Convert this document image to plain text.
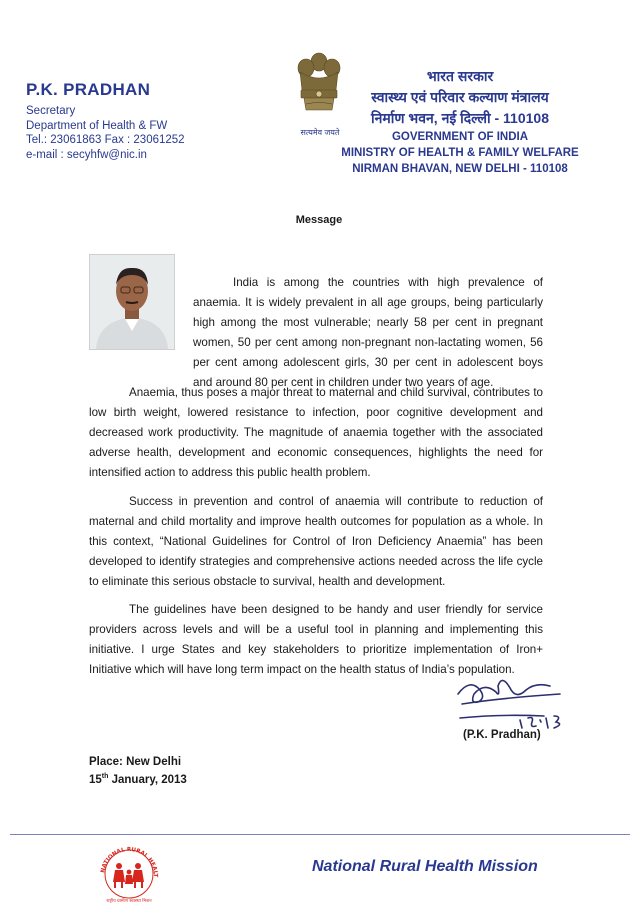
P.K. PRADHAN
Secretary
Department of Health & FW
Tel.: 23061863 Fax : 23061252
e-mail : secyhfw@nic.in
सत्यमेव जयते
भारत सरकार
स्वास्थ्य एवं परिवार कल्याण मंत्रालय
निर्माण भवन, नई दिल्ली - 110108
GOVERNMENT OF INDIA
MINISTRY OF HEALTH & FAMILY WELFARE
NIRMAN BHAVAN, NEW DELHI - 110108
Message
India is among the countries with high prevalence of anaemia. It is widely prevalent in all age groups, being particularly high among the most vulnerable; nearly 58 per cent in pregnant women, 50 per cent among non-pregnant non-lactating women, 56 per cent among adolescent girls, 30 per cent in adolescent boys and around 80 per cent in children under two years of age.
Anaemia, thus poses a major threat to maternal and child survival, contributes to low birth weight, lowered resistance to infection, poor cognitive development and decreased work productivity. The magnitude of anaemia together with the associated adverse health, development and economic consequences, highlights the need for intensified action to address this public health problem.
Success in prevention and control of anaemia will contribute to reduction of maternal and child mortality and improve health outcomes for population as a whole. In this context, “National Guidelines for Control of Iron Deficiency Anaemia” has been developed to identify strategies and comprehensive actions needed across the life cycle to eliminate this serious obstacle to survival, health and development.
The guidelines have been designed to be handy and user friendly for service providers across levels and will be a useful tool in planning and implementing this initiative. I urge States and key stakeholders to prioritize implementation of Iron+ Initiative which will have long term impact on the health status of India’s population.
(P.K. Pradhan)
Place: New Delhi
15th January, 2013
NATIONAL RURAL HEALT
राष्ट्रीय ग्रामीण स्वास्थ्य मिशन
National Rural Health Mission
